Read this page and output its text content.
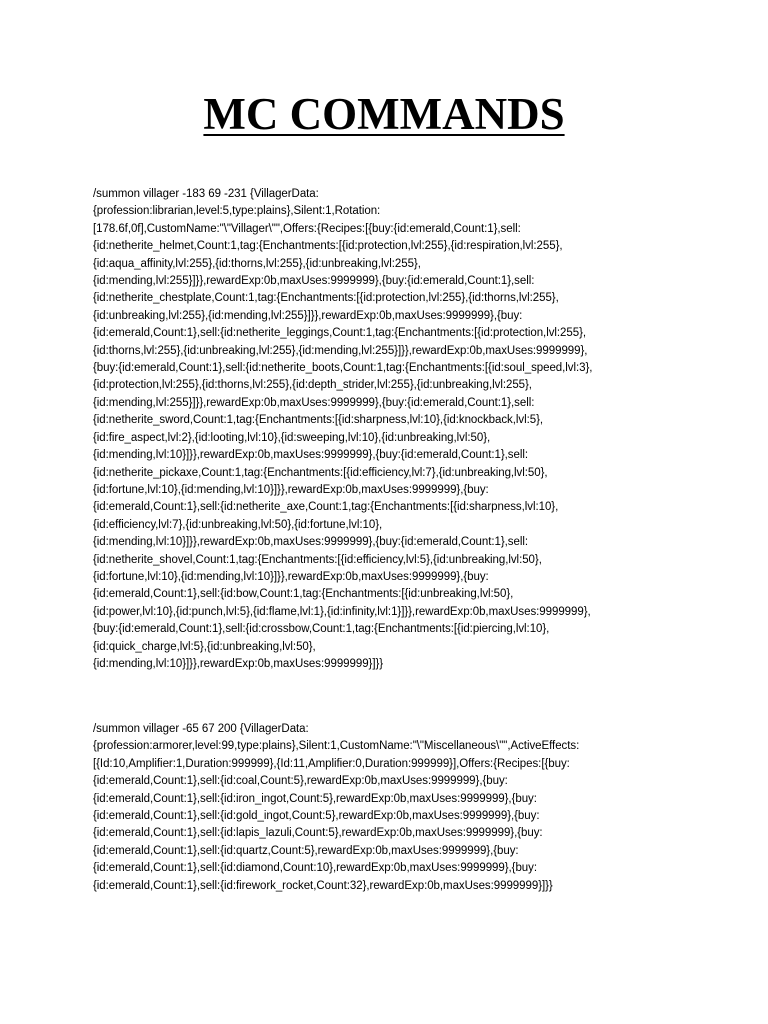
MC COMMANDS

/summon villager -183 69 -231 {VillagerData:
{profession:librarian,level:5,type:plains},Silent:1,Rotation:
[178.6f,0f],CustomName:"\"Villager\"",Offers:{Recipes:[{buy:{id:emerald,Count:1},sell:
{id:netherite_helmet,Count:1,tag:{Enchantments:[{id:protection,lvl:255},{id:respiration,lvl:255},
{id:aqua_affinity,lvl:255},{id:thorns,lvl:255},{id:unbreaking,lvl:255},
{id:mending,lvl:255}]}},rewardExp:0b,maxUses:9999999},{buy:{id:emerald,Count:1},sell:
{id:netherite_chestplate,Count:1,tag:{Enchantments:[{id:protection,lvl:255},{id:thorns,lvl:255},
{id:unbreaking,lvl:255},{id:mending,lvl:255}]}},rewardExp:0b,maxUses:9999999},{buy:
{id:emerald,Count:1},sell:{id:netherite_leggings,Count:1,tag:{Enchantments:[{id:protection,lvl:255},
{id:thorns,lvl:255},{id:unbreaking,lvl:255},{id:mending,lvl:255}]}},rewardExp:0b,maxUses:9999999},
{buy:{id:emerald,Count:1},sell:{id:netherite_boots,Count:1,tag:{Enchantments:[{id:soul_speed,lvl:3},
{id:protection,lvl:255},{id:thorns,lvl:255},{id:depth_strider,lvl:255},{id:unbreaking,lvl:255},
{id:mending,lvl:255}]}},rewardExp:0b,maxUses:9999999},{buy:{id:emerald,Count:1},sell:
{id:netherite_sword,Count:1,tag:{Enchantments:[{id:sharpness,lvl:10},{id:knockback,lvl:5},
{id:fire_aspect,lvl:2},{id:looting,lvl:10},{id:sweeping,lvl:10},{id:unbreaking,lvl:50},
{id:mending,lvl:10}]}},rewardExp:0b,maxUses:9999999},{buy:{id:emerald,Count:1},sell:
{id:netherite_pickaxe,Count:1,tag:{Enchantments:[{id:efficiency,lvl:7},{id:unbreaking,lvl:50},
{id:fortune,lvl:10},{id:mending,lvl:10}]}},rewardExp:0b,maxUses:9999999},{buy:
{id:emerald,Count:1},sell:{id:netherite_axe,Count:1,tag:{Enchantments:[{id:sharpness,lvl:10},
{id:efficiency,lvl:7},{id:unbreaking,lvl:50},{id:fortune,lvl:10},
{id:mending,lvl:10}]}},rewardExp:0b,maxUses:9999999},{buy:{id:emerald,Count:1},sell:
{id:netherite_shovel,Count:1,tag:{Enchantments:[{id:efficiency,lvl:5},{id:unbreaking,lvl:50},
{id:fortune,lvl:10},{id:mending,lvl:10}]}},rewardExp:0b,maxUses:9999999},{buy:
{id:emerald,Count:1},sell:{id:bow,Count:1,tag:{Enchantments:[{id:unbreaking,lvl:50},
{id:power,lvl:10},{id:punch,lvl:5},{id:flame,lvl:1},{id:infinity,lvl:1}]}},rewardExp:0b,maxUses:9999999},
{buy:{id:emerald,Count:1},sell:{id:crossbow,Count:1,tag:{Enchantments:[{id:piercing,lvl:10},
{id:quick_charge,lvl:5},{id:unbreaking,lvl:50},
{id:mending,lvl:10}]}},rewardExp:0b,maxUses:9999999}]}}

/summon villager -65 67 200 {VillagerData:
{profession:armorer,level:99,type:plains},Silent:1,CustomName:"\"Miscellaneous\"",ActiveEffects:
[{Id:10,Amplifier:1,Duration:999999},{Id:11,Amplifier:0,Duration:999999}],Offers:{Recipes:[{buy:
{id:emerald,Count:1},sell:{id:coal,Count:5},rewardExp:0b,maxUses:9999999},{buy:
{id:emerald,Count:1},sell:{id:iron_ingot,Count:5},rewardExp:0b,maxUses:9999999},{buy:
{id:emerald,Count:1},sell:{id:gold_ingot,Count:5},rewardExp:0b,maxUses:9999999},{buy:
{id:emerald,Count:1},sell:{id:lapis_lazuli,Count:5},rewardExp:0b,maxUses:9999999},{buy:
{id:emerald,Count:1},sell:{id:quartz,Count:5},rewardExp:0b,maxUses:9999999},{buy:
{id:emerald,Count:1},sell:{id:diamond,Count:10},rewardExp:0b,maxUses:9999999},{buy:
{id:emerald,Count:1},sell:{id:firework_rocket,Count:32},rewardExp:0b,maxUses:9999999}]}}
